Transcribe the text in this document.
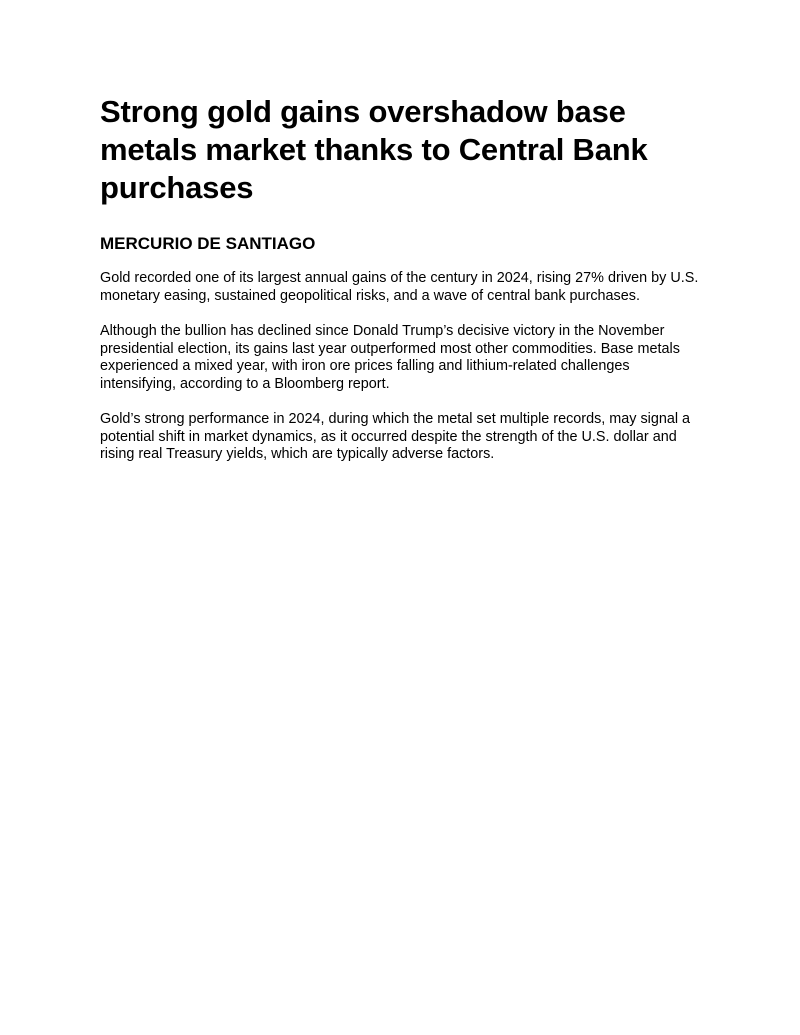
Strong gold gains overshadow base metals market thanks to Central Bank purchases
MERCURIO DE SANTIAGO

Gold recorded one of its largest annual gains of the century in 2024, rising 27% driven by U.S. monetary easing, sustained geopolitical risks, and a wave of central bank purchases.

Although the bullion has declined since Donald Trump’s decisive victory in the November presidential election, its gains last year outperformed most other commodities. Base metals experienced a mixed year, with iron ore prices falling and lithium-related challenges intensifying, according to a Bloomberg report.

Gold’s strong performance in 2024, during which the metal set multiple records, may signal a potential shift in market dynamics, as it occurred despite the strength of the U.S. dollar and rising real Treasury yields, which are typically adverse factors.
